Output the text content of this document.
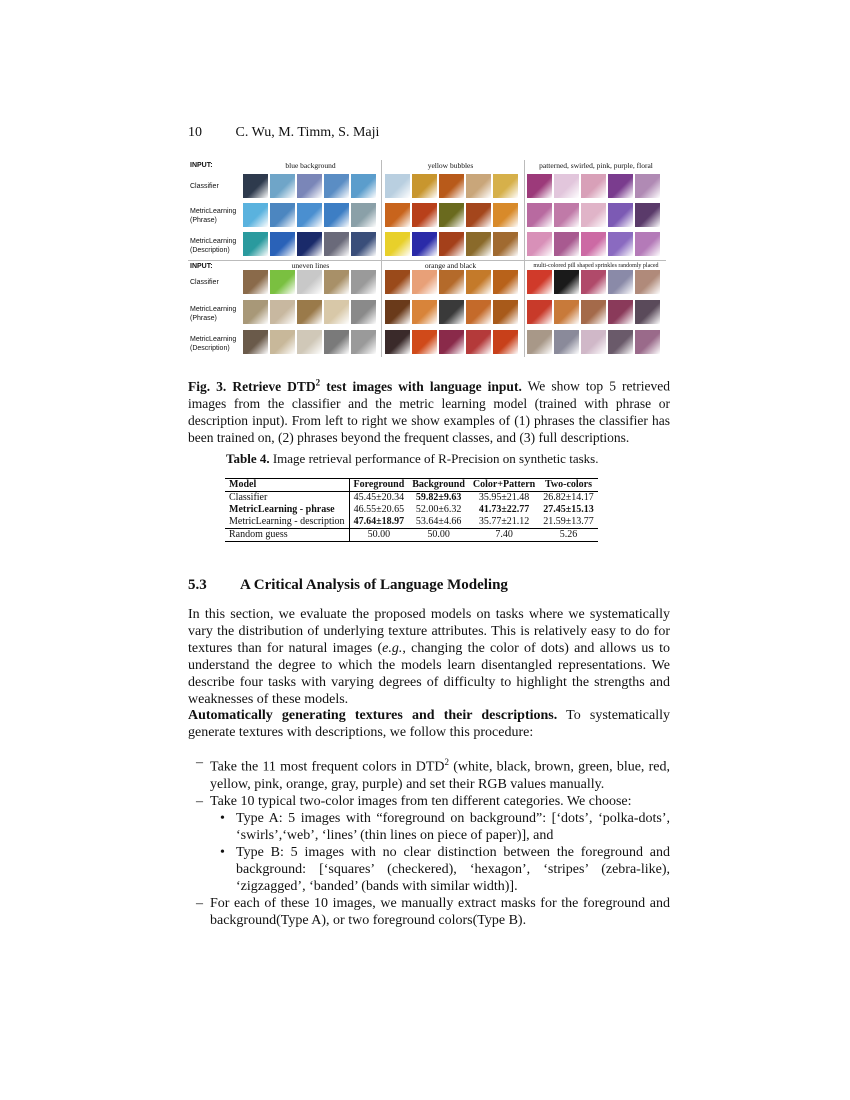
10 C. Wu, M. Timm, S. Maji
INPUT:	blue background	yellow bubbles	patterned, swirled, pink, purple, floral
Classifier
MetricLearning
(Phrase)
MetricLearning
(Description)
INPUT:	uneven lines	orange and black	multi-colored pill shaped sprinkles randomly placed
Classifier
MetricLearning
(Phrase)
MetricLearning
(Description)
Fig. 3. Retrieve DTD$^2$ test images with language input. We show top 5 retrieved images from the classifier and the metric learning model (trained with phrase or description input). From left to right we show examples of (1) phrases the classifier has been trained on, (2) phrases beyond the frequent classes, and (3) full descriptions.
Table 4. Image retrieval performance of R-Precision on synthetic tasks.
Model	Foreground	Background	Color+Pattern	Two-colors
Classifier	45.45±20.34	59.82±9.63	35.95±21.48	26.82±14.17
MetricLearning - phrase	46.55±20.65	52.00±6.32	41.73±22.77	27.45±15.13
MetricLearning - description	47.64±18.97	53.64±4.66	35.77±21.12	21.59±13.77
Random guess	50.00	50.00	7.40	5.26
5.3 A Critical Analysis of Language Modeling
In this section, we evaluate the proposed models on tasks where we systematically vary the distribution of underlying texture attributes. This is relatively easy to do for textures than for natural images (e.g., changing the color of dots) and allows us to understand the degree to which the models learn disentangled representations. We describe four tasks with varying degrees of difficulty to highlight the strengths and weaknesses of these models.
Automatically generating textures and their descriptions. To systematically generate textures with descriptions, we follow this procedure:
– Take the 11 most frequent colors in DTD$^2$ (white, black, brown, green, blue, red, yellow, pink, orange, gray, purple) and set their RGB values manually.
– Take 10 typical two-color images from ten different categories. We choose:
• Type A: 5 images with “foreground on background”: [‘dots’, ‘polka-dots’, ‘swirls’,‘web’, ‘lines’ (thin lines on piece of paper)], and
• Type B: 5 images with no clear distinction between the foreground and background: [‘squares’ (checkered), ‘hexagon’, ‘stripes’ (zebra-like), ‘zigzagged’, ‘banded’ (bands with similar width)].
– For each of these 10 images, we manually extract masks for the foreground and background(Type A), or two foreground colors(Type B).
